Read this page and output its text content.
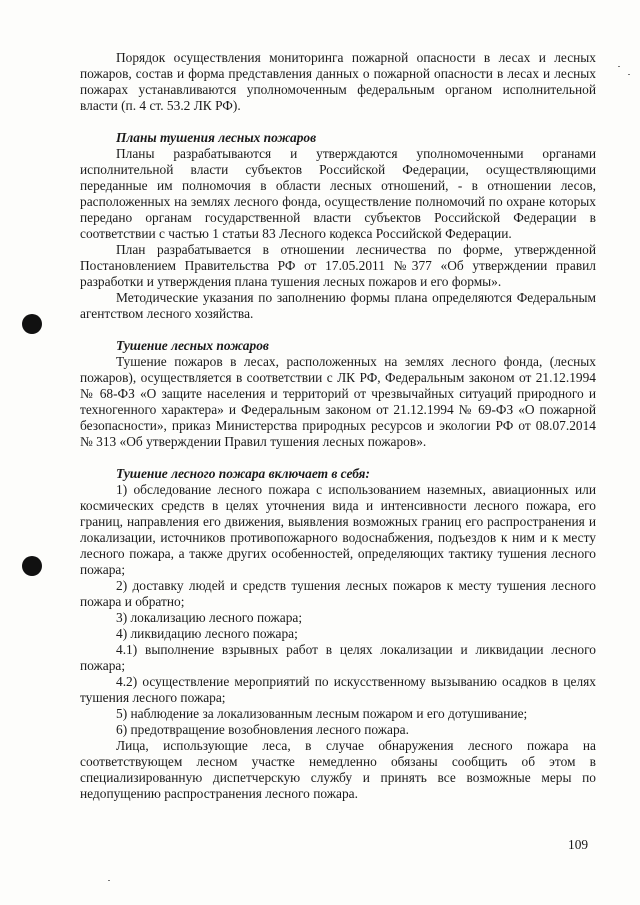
Порядок осуществления мониторинга пожарной опасности в лесах и лесных пожаров, состав и форма представления данных о пожарной опасности в лесах и лесных пожарах устанавливаются уполномоченным федеральным органом исполнительной власти (п. 4 ст. 53.2 ЛК РФ).

Планы тушения лесных пожаров

Планы разрабатываются и утверждаются уполномоченными органами исполнительной власти субъектов Российской Федерации, осуществляющими переданные им полномочия в области лесных отношений, - в отношении лесов, расположенных на землях лесного фонда, осуществление полномочий по охране которых передано органам государственной власти субъектов Российской Федерации в соответствии с частью 1 статьи 83 Лесного кодекса Российской Федерации.

План разрабатывается в отношении лесничества по форме, утвержденной Постановлением Правительства РФ от 17.05.2011 №377 «Об утверждении правил разработки и утверждения плана тушения лесных пожаров и его формы».

Методические указания по заполнению формы плана определяются Федеральным агентством лесного хозяйства.

Тушение лесных пожаров

Тушение пожаров в лесах, расположенных на землях лесного фонда, (лесных пожаров), осуществляется в соответствии с ЛК РФ, Федеральным законом от 21.12.1994 № 68-ФЗ «О защите населения и территорий от чрезвычайных ситуаций природного и техногенного характера» и Федеральным законом от 21.12.1994 № 69-ФЗ «О пожарной безопасности», приказ Министерства природных ресурсов и экологии РФ от 08.07.2014 № 313 «Об утверждении Правил тушения лесных пожаров».

Тушение лесного пожара включает в себя:

1) обследование лесного пожара с использованием наземных, авиационных или космических средств в целях уточнения вида и интенсивности лесного пожара, его границ, направления его движения, выявления возможных границ его распространения и локализации, источников противопожарного водоснабжения, подъездов к ним и к месту лесного пожара, а также других особенностей, определяющих тактику тушения лесного пожара;

2) доставку людей и средств тушения лесных пожаров к месту тушения лесного пожара и обратно;

3) локализацию лесного пожара;

4) ликвидацию лесного пожара;

4.1) выполнение взрывных работ в целях локализации и ликвидации лесного пожара;

4.2) осуществление мероприятий по искусственному вызыванию осадков в целях тушения лесного пожара;

5) наблюдение за локализованным лесным пожаром и его дотушивание;

6) предотвращение возобновления лесного пожара.

Лица, использующие леса, в случае обнаружения лесного пожара на соответствующем лесном участке немедленно обязаны сообщить об этом в специализированную диспетчерскую службу и принять все возможные меры по недопущению распространения лесного пожара.

109
